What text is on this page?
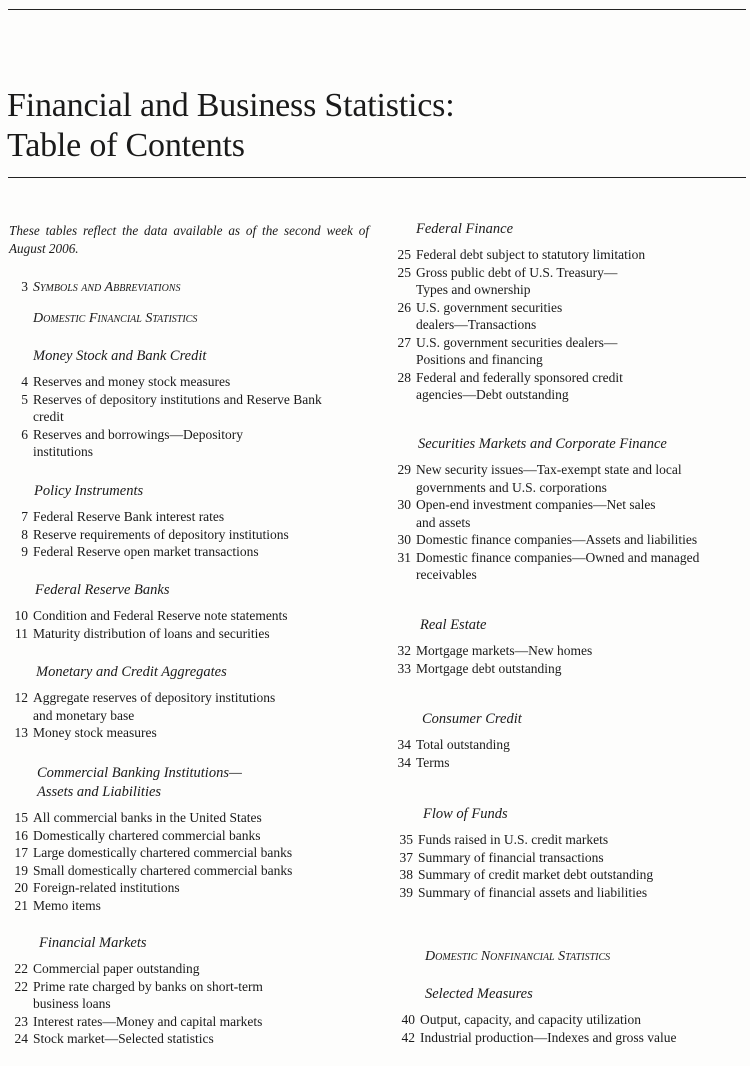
Financial and Business Statistics:
Table of Contents

These tables reflect the data available as of the second week of August 2006.

3 Symbols and Abbreviations
Domestic Financial Statistics
Money Stock and Bank Credit
4 Reserves and money stock measures
5 Reserves of depository institutions and Reserve Bank
credit
6 Reserves and borrowings—Depository
institutions
Policy Instruments
7 Federal Reserve Bank interest rates
8 Reserve requirements of depository institutions
9 Federal Reserve open market transactions
Federal Reserve Banks
10 Condition and Federal Reserve note statements
11 Maturity distribution of loans and securities
Monetary and Credit Aggregates
12 Aggregate reserves of depository institutions
and monetary base
13 Money stock measures
Commercial Banking Institutions—
Assets and Liabilities
15 All commercial banks in the United States
16 Domestically chartered commercial banks
17 Large domestically chartered commercial banks
19 Small domestically chartered commercial banks
20 Foreign-related institutions
21 Memo items
Financial Markets
22 Commercial paper outstanding
22 Prime rate charged by banks on short-term
business loans
23 Interest rates—Money and capital markets
24 Stock market—Selected statistics
Federal Finance
25 Federal debt subject to statutory limitation
25 Gross public debt of U.S. Treasury—
Types and ownership
26 U.S. government securities
dealers—Transactions
27 U.S. government securities dealers—
Positions and financing
28 Federal and federally sponsored credit
agencies—Debt outstanding
Securities Markets and Corporate Finance
29 New security issues—Tax-exempt state and local
governments and U.S. corporations
30 Open-end investment companies—Net sales
and assets
30 Domestic finance companies—Assets and liabilities
31 Domestic finance companies—Owned and managed
receivables
Real Estate
32 Mortgage markets—New homes
33 Mortgage debt outstanding
Consumer Credit
34 Total outstanding
34 Terms
Flow of Funds
35 Funds raised in U.S. credit markets
37 Summary of financial transactions
38 Summary of credit market debt outstanding
39 Summary of financial assets and liabilities
Domestic Nonfinancial Statistics
Selected Measures
40 Output, capacity, and capacity utilization
42 Industrial production—Indexes and gross value
